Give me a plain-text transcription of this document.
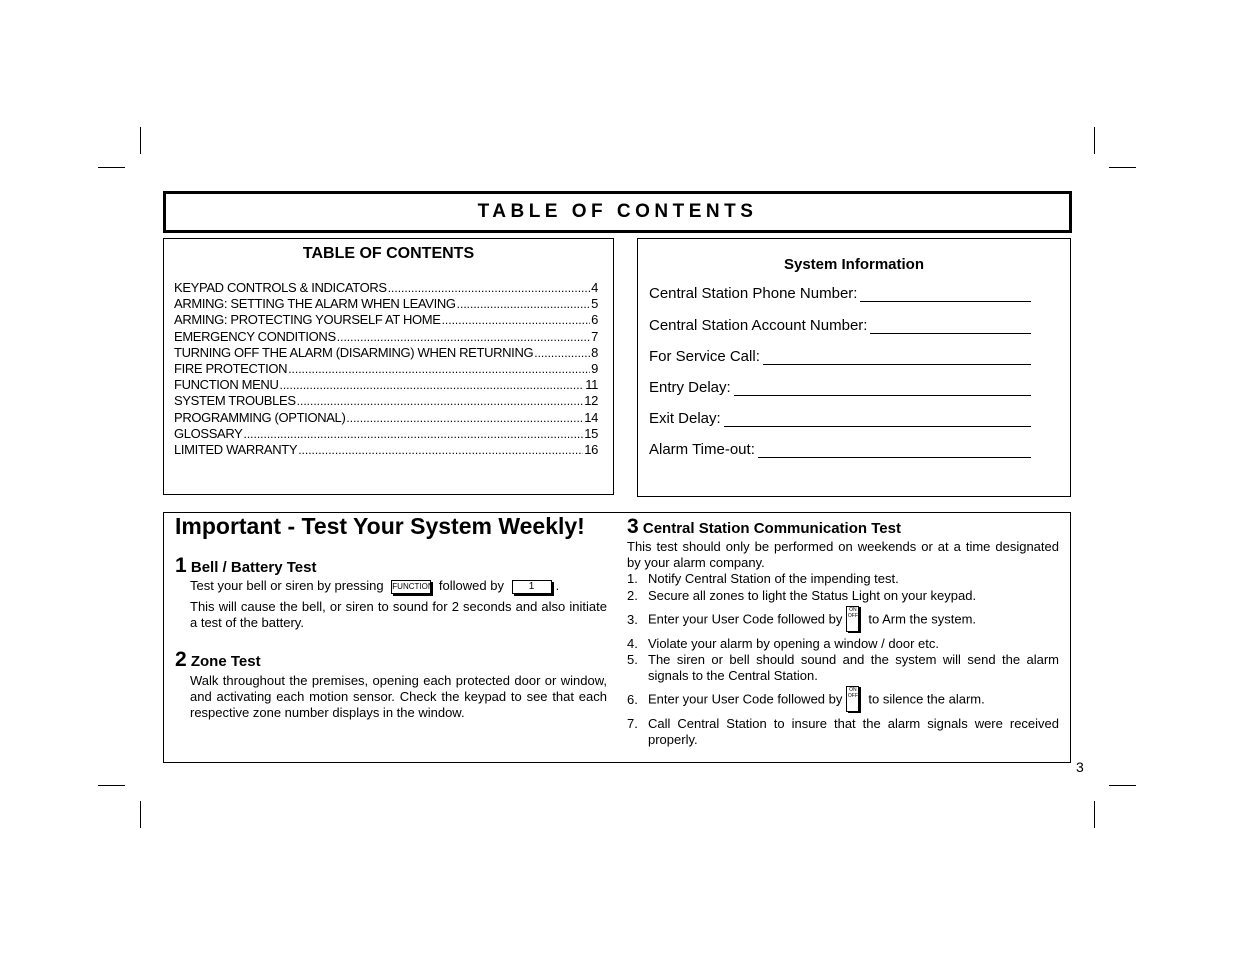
TABLE OF CONTENTS
TABLE OF CONTENTS
KEYPAD CONTROLS & INDICATORS .....	4
ARMING: SETTING THE ALARM WHEN LEAVING .....	5
ARMING: PROTECTING YOURSELF AT HOME .....	6
EMERGENCY CONDITIONS .....	7
TURNING OFF THE ALARM (DISARMING) WHEN RETURNING .....	8
FIRE PROTECTION .....	9
FUNCTION MENU .....	11
SYSTEM TROUBLES .....	12
PROGRAMMING (OPTIONAL) .....	14
GLOSSARY .....	15
LIMITED WARRANTY .....	16
System Information
Central Station Phone Number:
Central Station Account Number:
For Service Call:
Entry Delay:
Exit Delay:
Alarm Time-out:
Important - Test Your System Weekly!
1 Bell / Battery Test
Test your bell or siren by pressing FUNCTION followed by 1 .
This will cause the bell, or siren to sound for 2 seconds and also initiate a test of the battery.
2 Zone Test
Walk throughout the premises, opening each protected door or window, and activating each motion sensor. Check the keypad to see that each respective zone number displays in the window.
3 Central Station Communication Test
This test should only be performed on weekends or at a time designated by your alarm company.
1. Notify Central Station of the impending test.
2. Secure all zones to light the Status Light on your keypad.
3. Enter your User Code followed byON OFF to Arm the system.
4. Violate your alarm by opening a window / door etc.
5. The siren or bell should sound and the system will send the alarm signals to the Central Station.
6. Enter your User Code followed byON OFF to silence the alarm.
7. Call Central Station to insure that the alarm signals were received properly.
3
